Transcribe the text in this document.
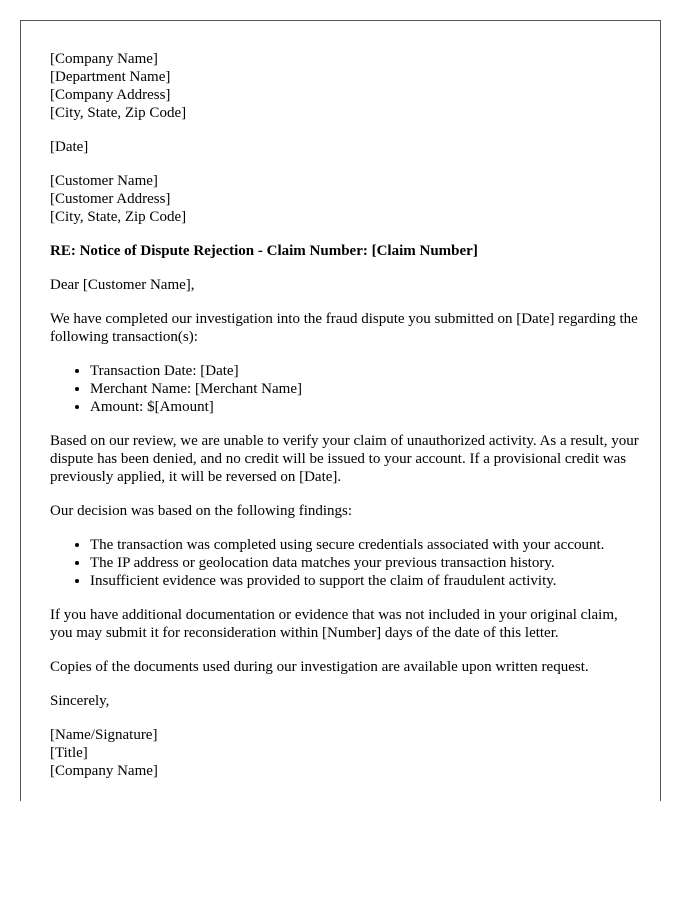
[Company Name]
[Department Name]
[Company Address]
[City, State, Zip Code]

[Date]

[Customer Name]
[Customer Address]
[City, State, Zip Code]

RE: Notice of Dispute Rejection - Claim Number: [Claim Number]

Dear [Customer Name],

We have completed our investigation into the fraud dispute you submitted on [Date] regarding the following transaction(s):

• Transaction Date: [Date]
• Merchant Name: [Merchant Name]
• Amount: $[Amount]

Based on our review, we are unable to verify your claim of unauthorized activity. As a result, your dispute has been denied, and no credit will be issued to your account. If a provisional credit was previously applied, it will be reversed on [Date].

Our decision was based on the following findings:

• The transaction was completed using secure credentials associated with your account.
• The IP address or geolocation data matches your previous transaction history.
• Insufficient evidence was provided to support the claim of fraudulent activity.

If you have additional documentation or evidence that was not included in your original claim, you may submit it for reconsideration within [Number] days of the date of this letter.

Copies of the documents used during our investigation are available upon written request.

Sincerely,

[Name/Signature]
[Title]
[Company Name]
